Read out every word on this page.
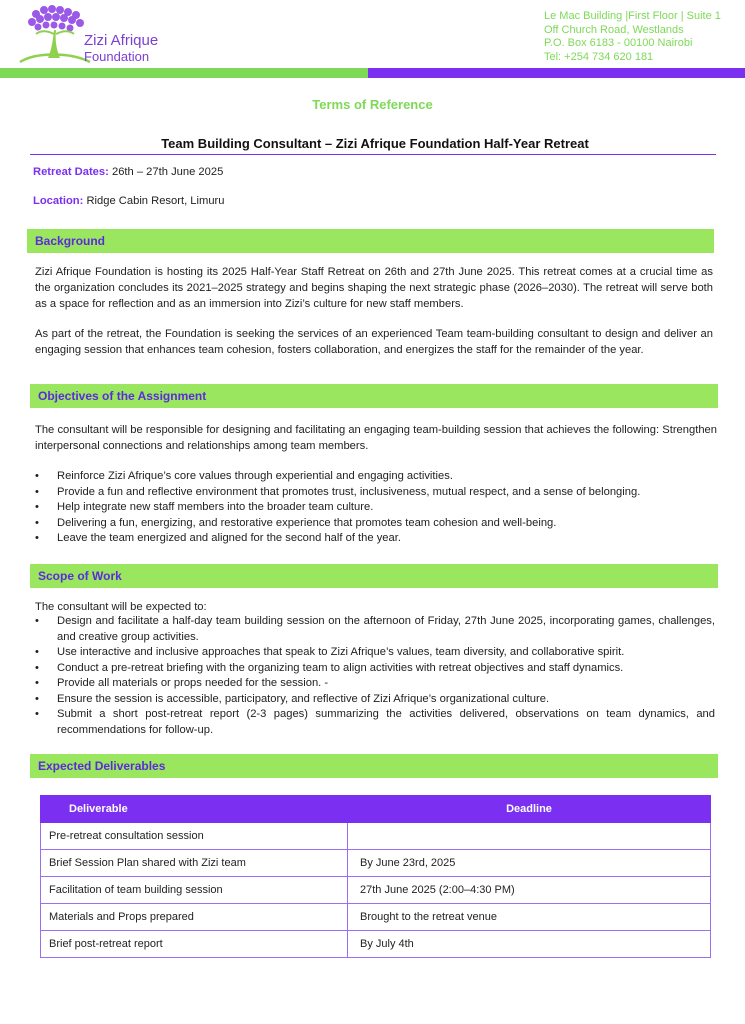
Zizi Afrique
Foundation
Le Mac Building |First Floor | Suite 1
Off Church Road, Westlands
P.O. Box 6183 - 00100 Nairobi
Tel: +254 734 620 181
Terms of Reference
Team Building Consultant – Zizi Afrique Foundation Half-Year Retreat
Retreat Dates: 26th – 27th June 2025
Location: Ridge Cabin Resort, Limuru
Background
Zizi Afrique Foundation is hosting its 2025 Half-Year Staff Retreat on 26th and 27th June 2025. This retreat comes at a crucial time as the organization concludes its 2021–2025 strategy and begins shaping the next strategic phase (2026–2030). The retreat will serve both as a space for reflection and as an immersion into Zizi’s culture for new staff members.
As part of the retreat, the Foundation is seeking the services of an experienced Team team-building consultant to design and deliver an engaging session that enhances team cohesion, fosters collaboration, and energizes the staff for the remainder of the year.
Objectives of the Assignment
The consultant will be responsible for designing and facilitating an engaging team-building session that achieves the following: Strengthen interpersonal connections and relationships among team members.
• Reinforce Zizi Afrique’s core values through experiential and engaging activities.
• Provide a fun and reflective environment that promotes trust, inclusiveness, mutual respect, and a sense of belonging.
• Help integrate new staff members into the broader team culture.
• Delivering a fun, energizing, and restorative experience that promotes team cohesion and well-being.
• Leave the team energized and aligned for the second half of the year.
Scope of Work
The consultant will be expected to:
• Design and facilitate a half-day team building session on the afternoon of Friday, 27th June 2025, incorporating games, challenges, and creative group activities.
• Use interactive and inclusive approaches that speak to Zizi Afrique’s values, team diversity, and collaborative spirit.
• Conduct a pre-retreat briefing with the organizing team to align activities with retreat objectives and staff dynamics.
• Provide all materials or props needed for the session. -
• Ensure the session is accessible, participatory, and reflective of Zizi Afrique’s organizational culture.
• Submit a short post-retreat report (2-3 pages) summarizing the activities delivered, observations on team dynamics, and recommendations for follow-up.
Expected Deliverables
Deliverable	Deadline
Pre-retreat consultation session	
Brief Session Plan shared with Zizi team	By June 23rd, 2025
Facilitation of team building session	27th June 2025 (2:00–4:30 PM)
Materials and Props prepared	Brought to the retreat venue
Brief post-retreat report	By July 4th
